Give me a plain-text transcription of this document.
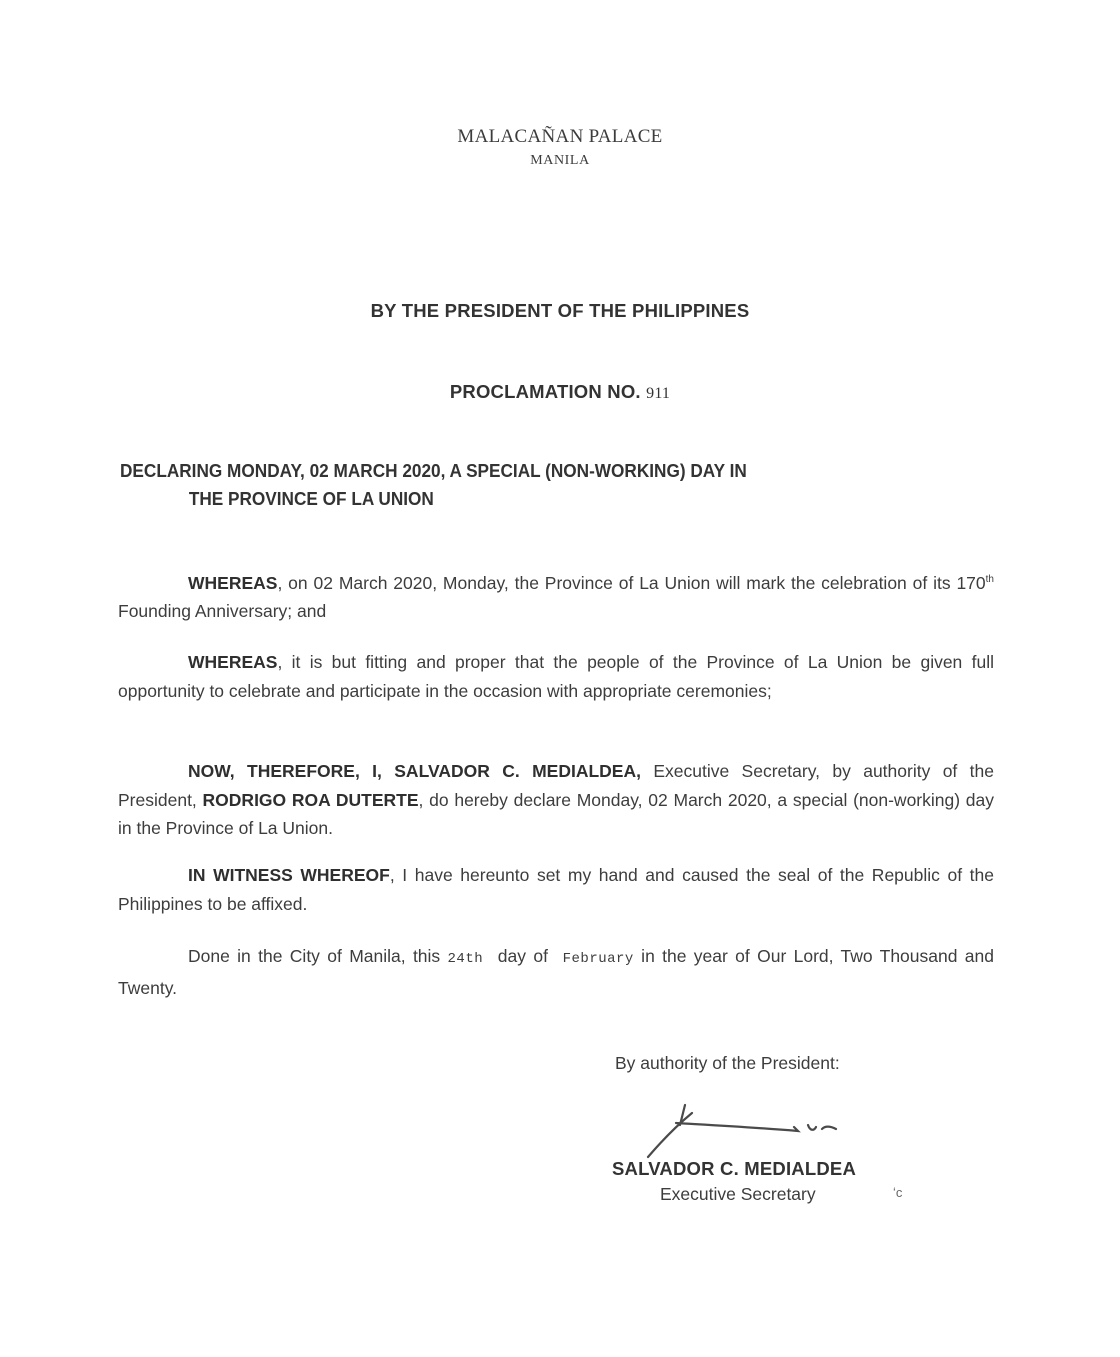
MALACAÑAN PALACE
MANILA
BY THE PRESIDENT OF THE PHILIPPINES
PROCLAMATION NO. 911
DECLARING MONDAY, 02 MARCH 2020, A SPECIAL (NON-WORKING) DAY IN
THE PROVINCE OF LA UNION
WHEREAS, on 02 March 2020, Monday, the Province of La Union will mark the celebration of its 170th Founding Anniversary; and
WHEREAS, it is but fitting and proper that the people of the Province of La Union be given full opportunity to celebrate and participate in the occasion with appropriate ceremonies;
NOW, THEREFORE, I, SALVADOR C. MEDIALDEA, Executive Secretary, by authority of the President, RODRIGO ROA DUTERTE, do hereby declare Monday, 02 March 2020, a special (non-working) day in the Province of La Union.
IN WITNESS WHEREOF, I have hereunto set my hand and caused the seal of the Republic of the Philippines to be affixed.
Done in the City of Manila, this 24th  day of  February in the year of Our Lord, Two Thousand and Twenty.
By authority of the President:
SALVADOR C. MEDIALDEA
Executive Secretary	ʻc
